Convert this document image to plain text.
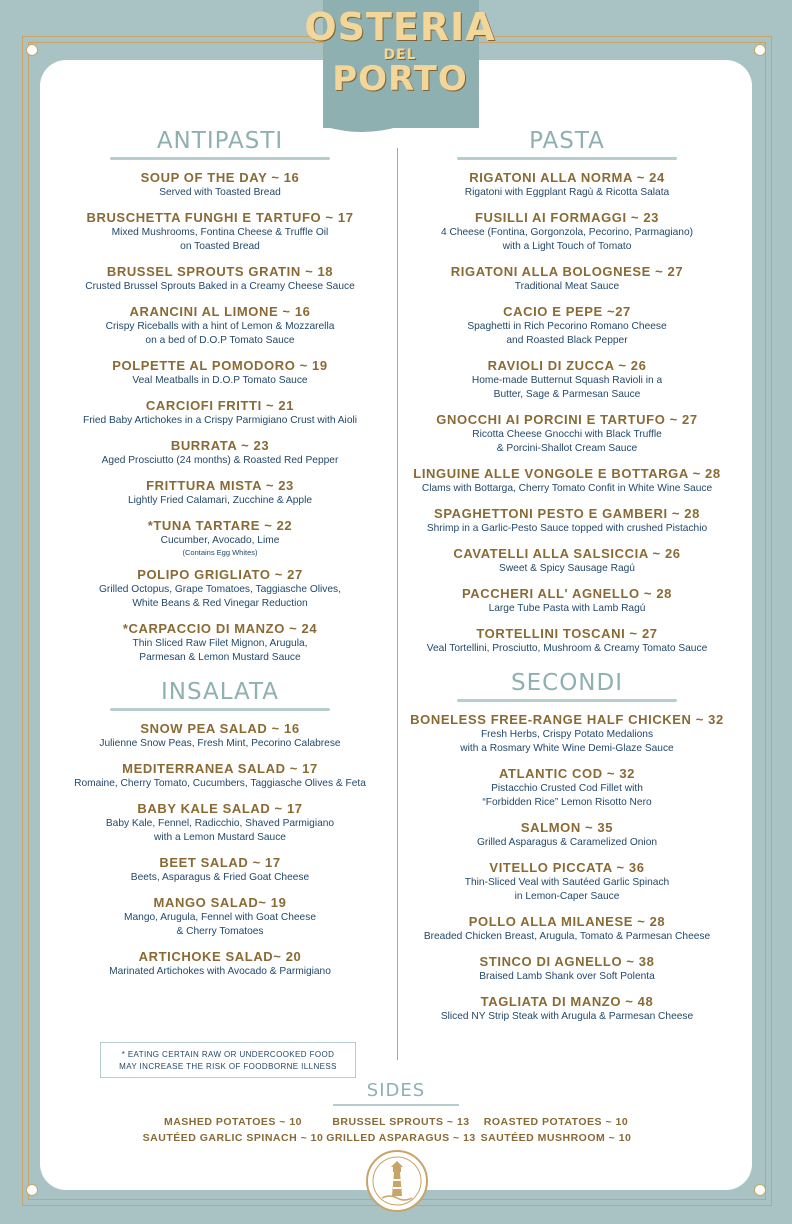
OSTERIA
DEL
PORTO
ANTIPASTI
SOUP OF THE DAY ~ 16
Served with Toasted Bread
BRUSCHETTA FUNGHI E TARTUFO ~ 17
Mixed Mushrooms, Fontina Cheese & Truffle Oil
on Toasted Bread
BRUSSEL SPROUTS GRATIN ~ 18
Crusted Brussel Sprouts Baked in a Creamy Cheese Sauce
ARANCINI AL LIMONE ~ 16
Crispy Riceballs with a hint of Lemon & Mozzarella
on a bed of D.O.P Tomato Sauce
POLPETTE AL POMODORO ~ 19
Veal Meatballs in D.O.P Tomato Sauce
CARCIOFI FRITTI ~ 21
Fried Baby Artichokes in a Crispy Parmigiano Crust with Aioli
BURRATA ~ 23
Aged Prosciutto (24 months) & Roasted Red Pepper
FRITTURA MISTA ~ 23
Lightly Fried Calamari, Zucchine & Apple
*TUNA TARTARE ~ 22
Cucumber, Avocado, Lime
(Contains Egg Whites)
POLIPO GRIGLIATO ~ 27
Grilled Octopus, Grape Tomatoes, Taggiasche Olives,
White Beans & Red Vinegar Reduction
*CARPACCIO DI MANZO ~ 24
Thin Sliced Raw Filet Mignon, Arugula,
Parmesan & Lemon Mustard Sauce
INSALATA
SNOW PEA SALAD ~ 16
Julienne Snow Peas, Fresh Mint, Pecorino Calabrese
MEDITERRANEA SALAD ~ 17
Romaine, Cherry Tomato, Cucumbers, Taggiasche Olives & Feta
BABY KALE SALAD ~ 17
Baby Kale, Fennel, Radicchio, Shaved Parmigiano
with a Lemon Mustard Sauce
BEET SALAD ~ 17
Beets, Asparagus & Fried Goat Cheese
MANGO SALAD~ 19
Mango, Arugula, Fennel with Goat Cheese
& Cherry Tomatoes
ARTICHOKE SALAD~ 20
Marinated Artichokes with Avocado & Parmigiano
PASTA
RIGATONI ALLA NORMA ~ 24
Rigatoni with Eggplant Ragù & Ricotta Salata
FUSILLI AI FORMAGGI ~ 23
4 Cheese (Fontina, Gorgonzola, Pecorino, Parmagiano)
with a Light Touch of Tomato
RIGATONI ALLA BOLOGNESE ~ 27
Traditional Meat Sauce
CACIO E PEPE ~27
Spaghetti in Rich Pecorino Romano Cheese
and Roasted Black Pepper
RAVIOLI DI ZUCCA ~ 26
Home-made Butternut Squash Ravioli in a
Butter, Sage & Parmesan Sauce
GNOCCHI AI PORCINI E TARTUFO ~ 27
Ricotta Cheese Gnocchi with Black Truffle
& Porcini-Shallot Cream Sauce
LINGUINE ALLE VONGOLE E BOTTARGA ~ 28
Clams with Bottarga, Cherry Tomato Confit in White Wine Sauce
SPAGHETTONI PESTO E GAMBERI ~ 28
Shrimp in a Garlic-Pesto Sauce topped with crushed Pistachio
CAVATELLI ALLA SALSICCIA ~ 26
Sweet & Spicy Sausage Ragú
PACCHERI ALL' AGNELLO ~ 28
Large Tube Pasta with Lamb Ragú
TORTELLINI TOSCANI ~ 27
Veal Tortellini, Prosciutto, Mushroom & Creamy Tomato Sauce
SECONDI
BONELESS FREE-RANGE HALF CHICKEN ~ 32
Fresh Herbs, Crispy Potato Medalions
with a Rosmary White Wine Demi-Glaze Sauce
ATLANTIC COD ~ 32
Pistacchio Crusted Cod Fillet with
“Forbidden Rice” Lemon Risotto Nero
SALMON ~ 35
Grilled Asparagus & Caramelized Onion
VITELLO PICCATA ~ 36
Thin-Sliced Veal with Sautéed Garlic Spinach
in Lemon-Caper Sauce
POLLO ALLA MILANESE ~ 28
Breaded Chicken Breast, Arugula, Tomato & Parmesan Cheese
STINCO DI AGNELLO ~ 38
Braised Lamb Shank over Soft Polenta
TAGLIATA DI MANZO ~ 48
Sliced NY Strip Steak with Arugula & Parmesan Cheese
* EATING CERTAIN RAW OR UNDERCOOKED FOOD
MAY INCREASE THE RISK OF FOODBORNE ILLNESS
SIDES
MASHED POTATOES ~ 10
SAUTÉED GARLIC SPINACH ~ 10
BRUSSEL SPROUTS ~ 13
GRILLED ASPARAGUS ~ 13
ROASTED POTATOES ~ 10
SAUTÉED MUSHROOM ~ 10
